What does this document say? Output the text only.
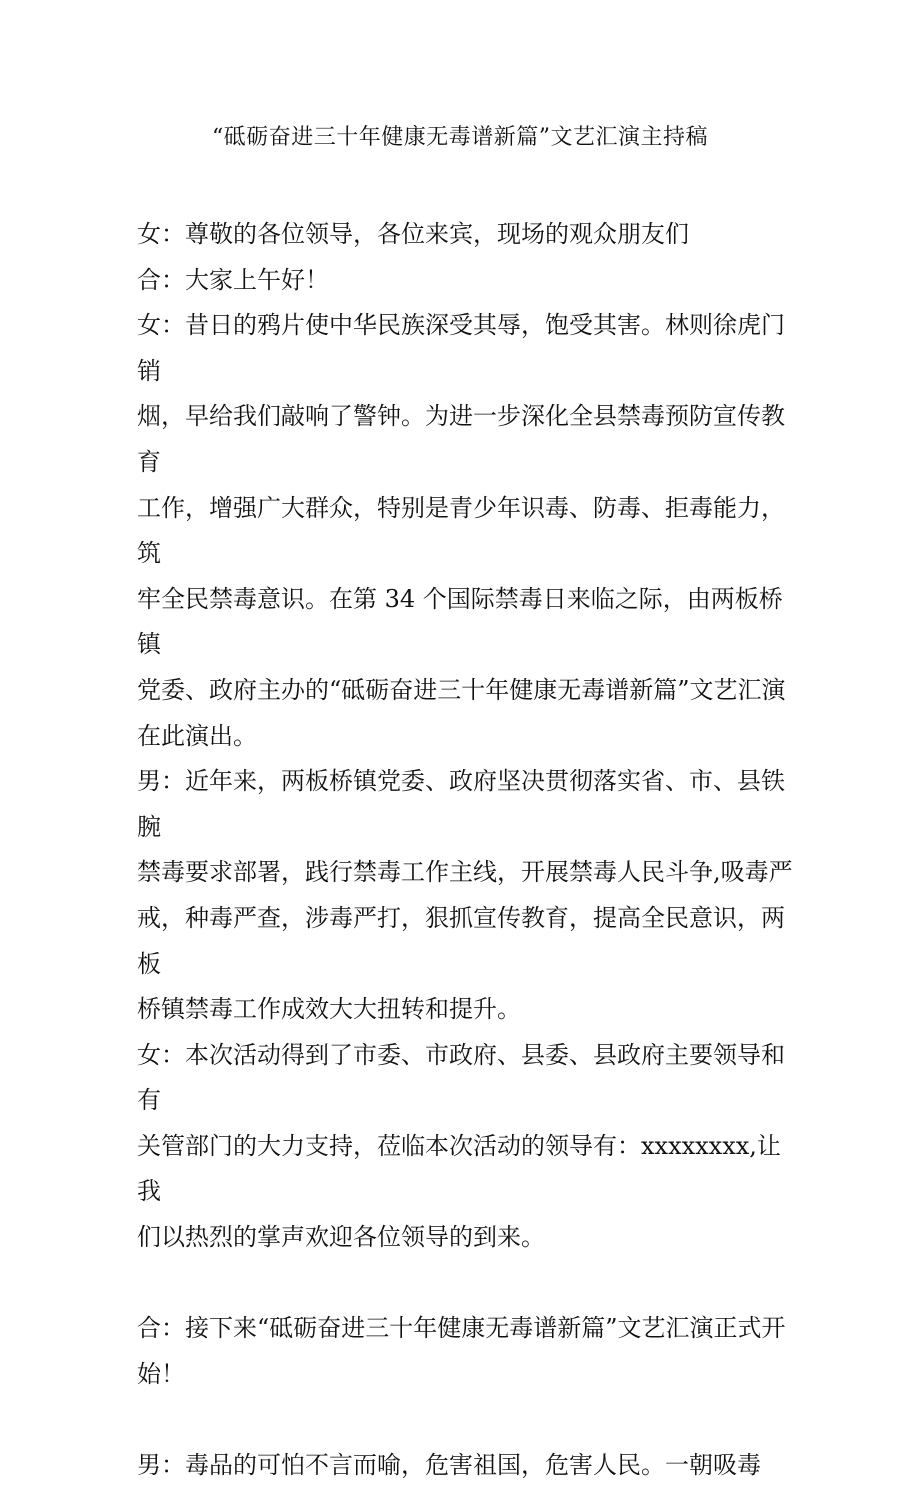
“砥砺奋进三十年健康无毒谱新篇”文艺汇演主持稿

女：尊敬的各位领导，各位来宾，现场的观众朋友们

合：大家上午好！

女：昔日的鸦片使中华民族深受其辱，饱受其害。林则徐虎门销

烟，早给我们敲响了警钟。为进一步深化全县禁毒预防宣传教育

工作，增强广大群众，特别是青少年识毒、防毒、拒毒能力，筑

牢全民禁毒意识。在第 34 个国际禁毒日来临之际，由两板桥镇

党委、政府主办的“砥砺奋进三十年健康无毒谱新篇”文艺汇演

在此演出。

男：近年来，两板桥镇党委、政府坚决贯彻落实省、市、县铁腕

禁毒要求部署，践行禁毒工作主线，开展禁毒人民斗争,吸毒严

戒，种毒严查，涉毒严打，狠抓宣传教育，提高全民意识，两板

桥镇禁毒工作成效大大扭转和提升。

女：本次活动得到了市委、市政府、县委、县政府主要领导和有

关管部门的大力支持，莅临本次活动的领导有：xxxxxxxx,让我

们以热烈的掌声欢迎各位领导的到来。

合：接下来“砥砺奋进三十年健康无毒谱新篇”文艺汇演正式开

始！

男：毒品的可怕不言而喻，危害祖国，危害人民。一朝吸毒
